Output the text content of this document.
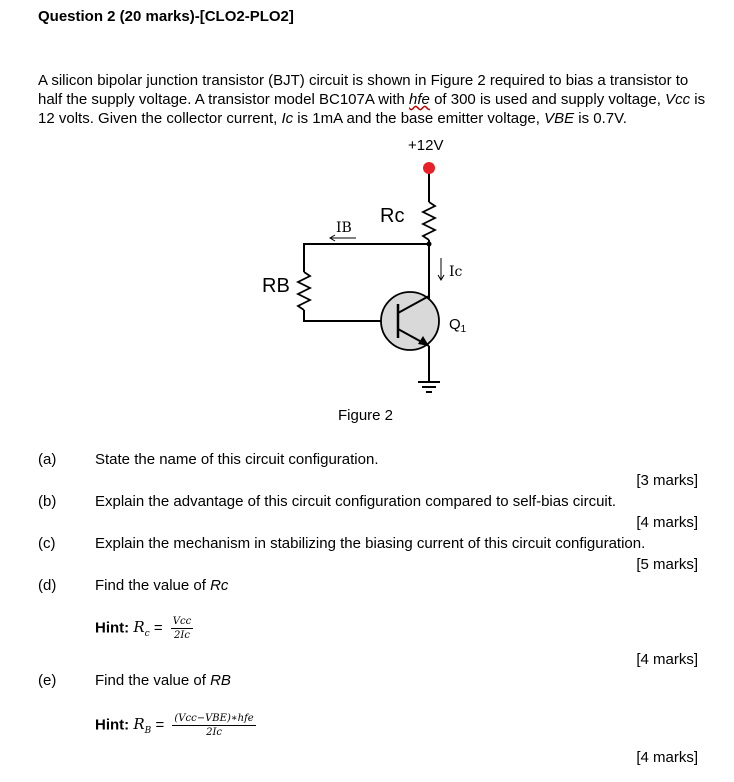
Question 2 (20 marks)-[CLO2-PLO2]
A silicon bipolar junction transistor (BJT) circuit is shown in Figure 2 required to bias a transistor to half the supply voltage. A transistor model BC107A with hfe of 300 is used and supply voltage, Vcc is 12 volts. Given the collector current, Ic is 1mA and the base emitter voltage, VBE is 0.7V.
+12V
Rc
IB
RB
Ic
$Q_1$
Figure 2
(a)	State the name of this circuit configuration.
[3 marks]
(b)	Explain the advantage of this circuit configuration compared to self-bias circuit.
[4 marks]
(c)	Explain the mechanism in stabilizing the biasing current of this circuit configuration.
[5 marks]
(d)	Find the value of Rc
Hint: $R_c = \frac{\text{Vcc}}{2Ic}$
[4 marks]
(e)	Find the value of RB
Hint: $R_B = \frac{\text{(Vcc−VBE)∗hfe}}{2Ic}$
[4 marks]
